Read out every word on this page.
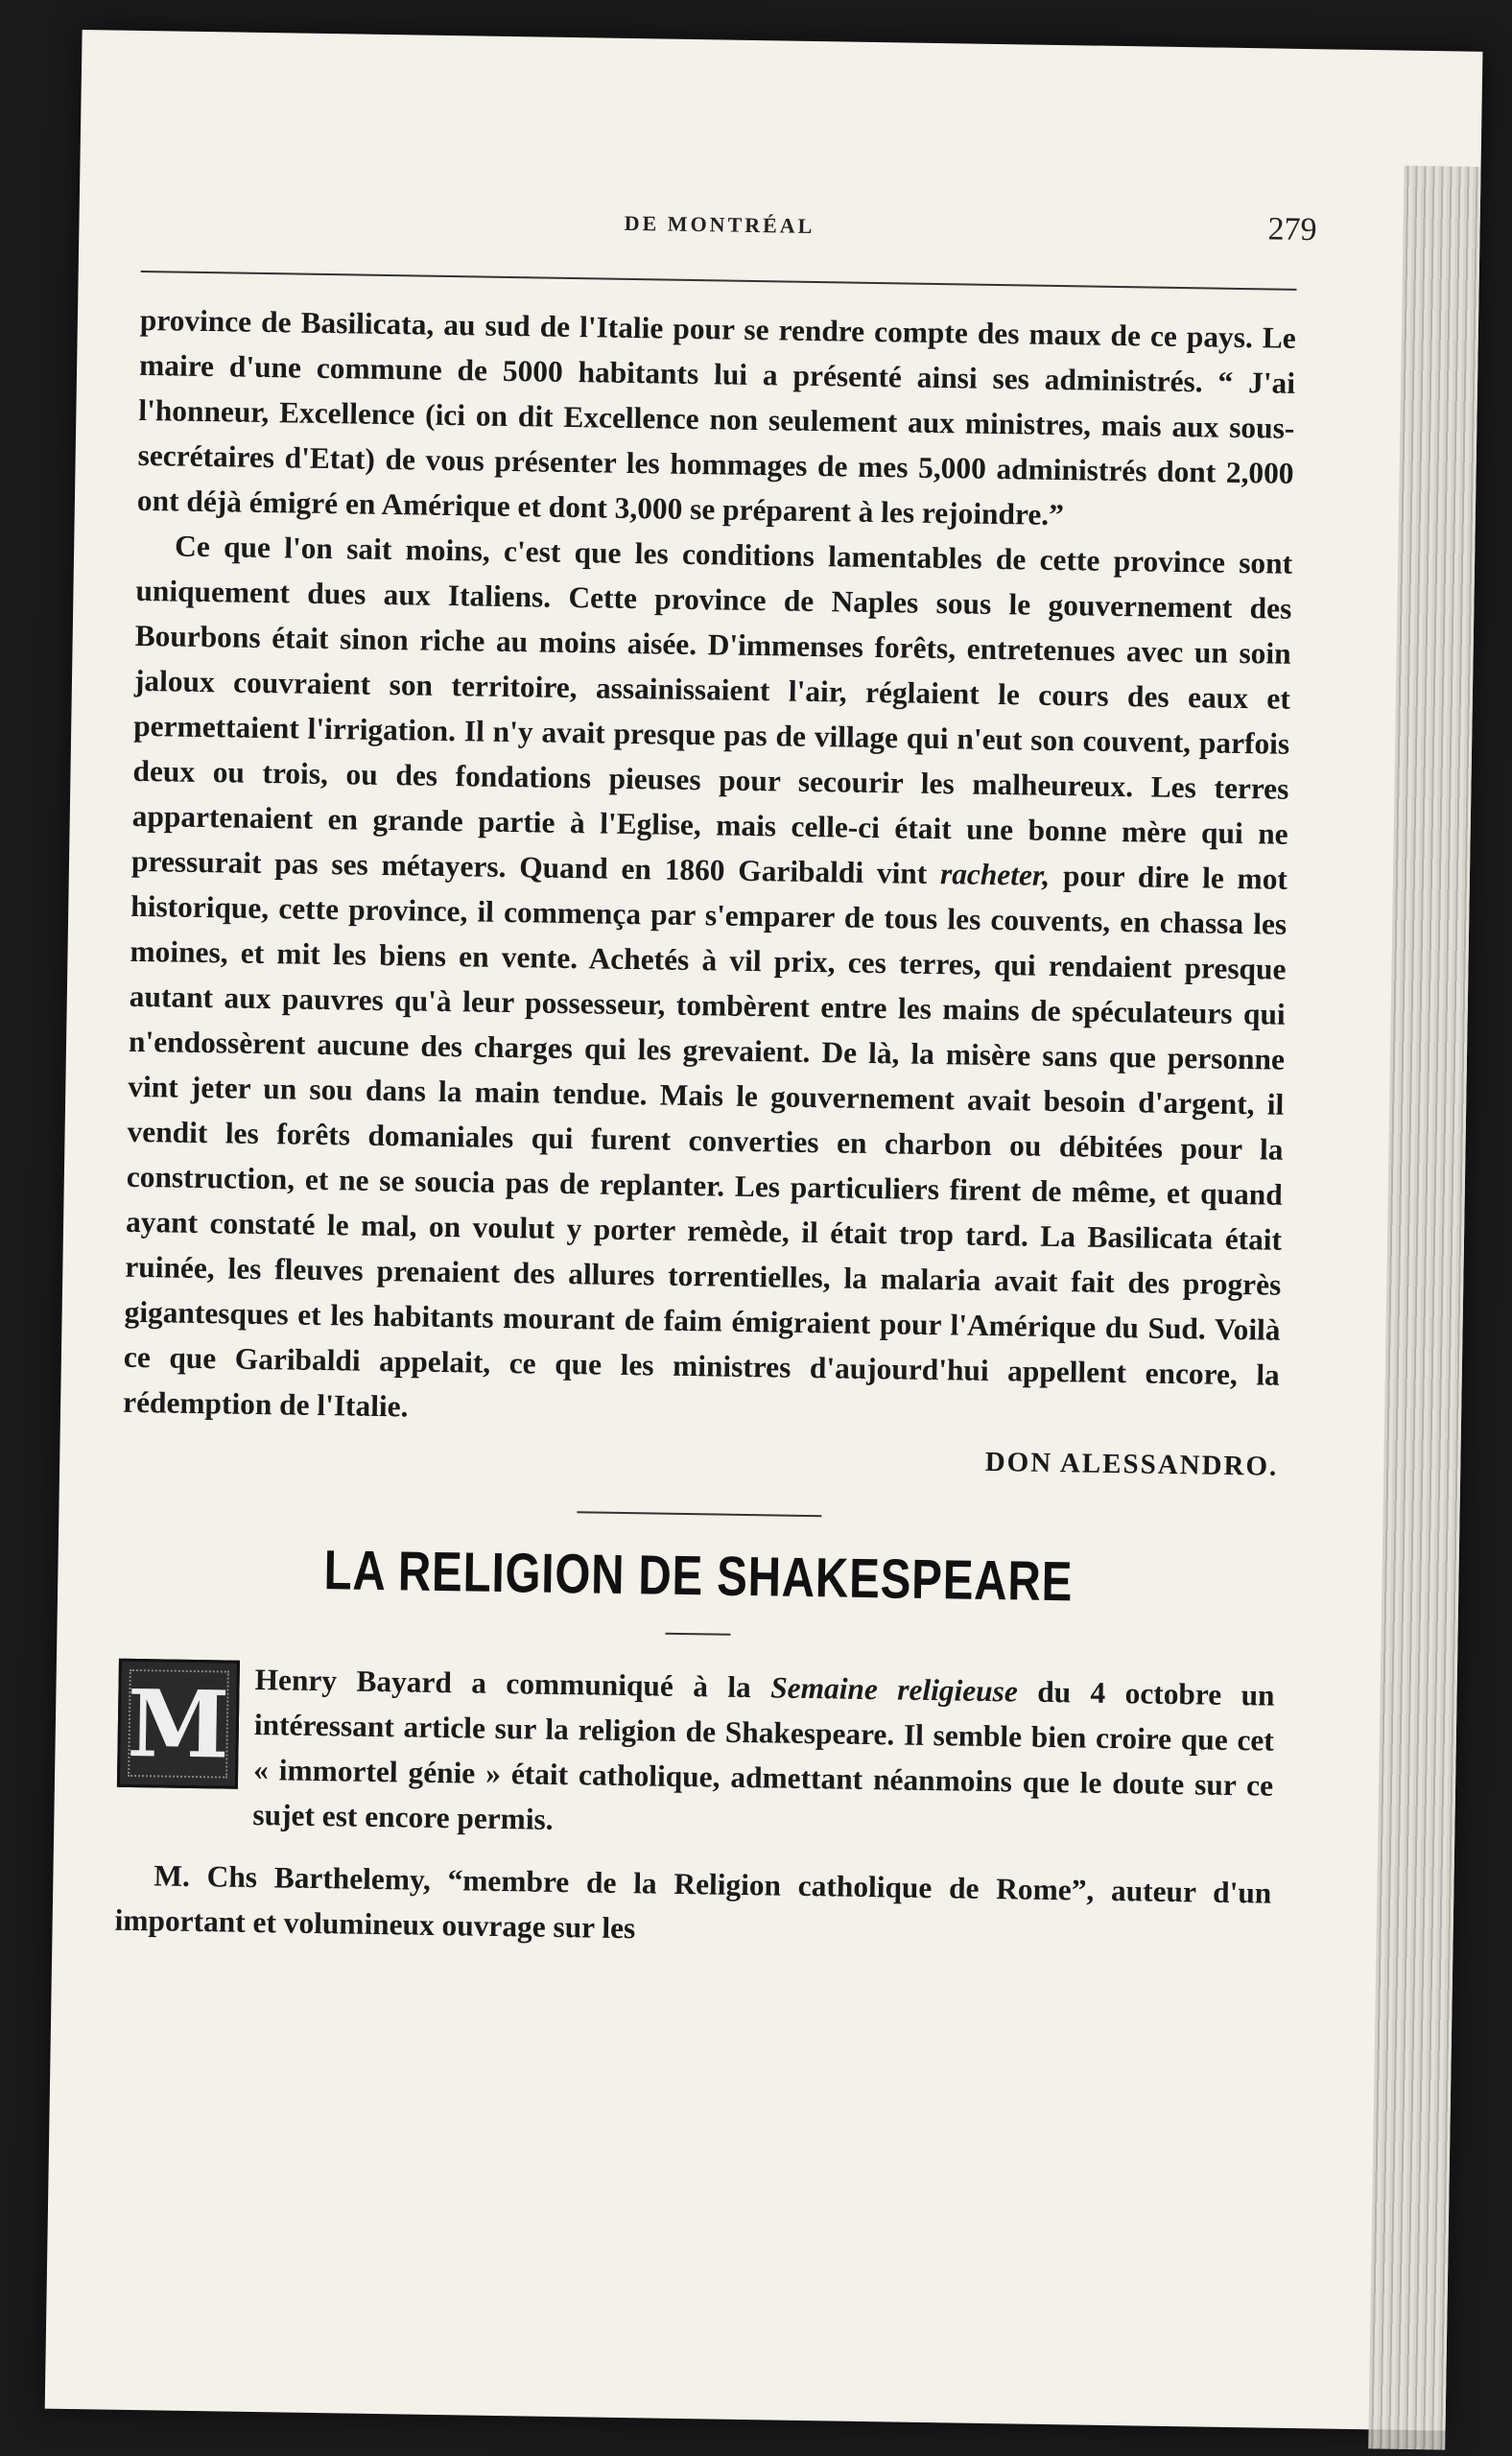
DE MONTRÉAL	279

province de Basilicata, au sud de l'Italie pour se rendre compte des maux de ce pays. Le maire d'une commune de 5000 habitants lui a présenté ainsi ses administrés. “ J'ai l'honneur, Excellence (ici on dit Excellence non seulement aux ministres, mais aux sous-secrétaires d'Etat) de vous présenter les hommages de mes 5,000 administrés dont 2,000 ont déjà émigré en Amérique et dont 3,000 se préparent à les rejoindre.”

Ce que l'on sait moins, c'est que les conditions lamentables de cette province sont uniquement dues aux Italiens. Cette province de Naples sous le gouvernement des Bourbons était sinon riche au moins aisée. D'immenses forêts, entretenues avec un soin jaloux couvraient son territoire, assainissaient l'air, réglaient le cours des eaux et permettaient l'irrigation. Il n'y avait presque pas de village qui n'eut son couvent, parfois deux ou trois, ou des fondations pieuses pour secourir les malheureux. Les terres appartenaient en grande partie à l'Eglise, mais celle-ci était une bonne mère qui ne pressurait pas ses métayers. Quand en 1860 Garibaldi vint racheter, pour dire le mot historique, cette province, il commença par s'emparer de tous les couvents, en chassa les moines, et mit les biens en vente. Achetés à vil prix, ces terres, qui rendaient presque autant aux pauvres qu'à leur possesseur, tombèrent entre les mains de spéculateurs qui n'endossèrent aucune des charges qui les grevaient. De là, la misère sans que personne vint jeter un sou dans la main tendue. Mais le gouvernement avait besoin d'argent, il vendit les forêts domaniales qui furent converties en charbon ou débitées pour la construction, et ne se soucia pas de replanter. Les particuliers firent de même, et quand ayant constaté le mal, on voulut y porter remède, il était trop tard. La Basilicata était ruinée, les fleuves prenaient des allures torrentielles, la malaria avait fait des progrès gigantesques et les habitants mourant de faim émigraient pour l'Amérique du Sud. Voilà ce que Garibaldi appelait, ce que les ministres d'aujourd'hui appellent encore, la rédemption de l'Italie.

DON ALESSANDRO.
LA RELIGION DE SHAKESPEARE
M Henry Bayard a communiqué à la Semaine religieuse du 4 octobre un intéressant article sur la religion de Shakespeare. Il semble bien croire que cet « immortel génie » était catholique, admettant néanmoins que le doute sur ce sujet est encore permis.

M. Chs Barthelemy, “membre de la Religion catholique de Rome”, auteur d'un important et volumineux ouvrage sur les
